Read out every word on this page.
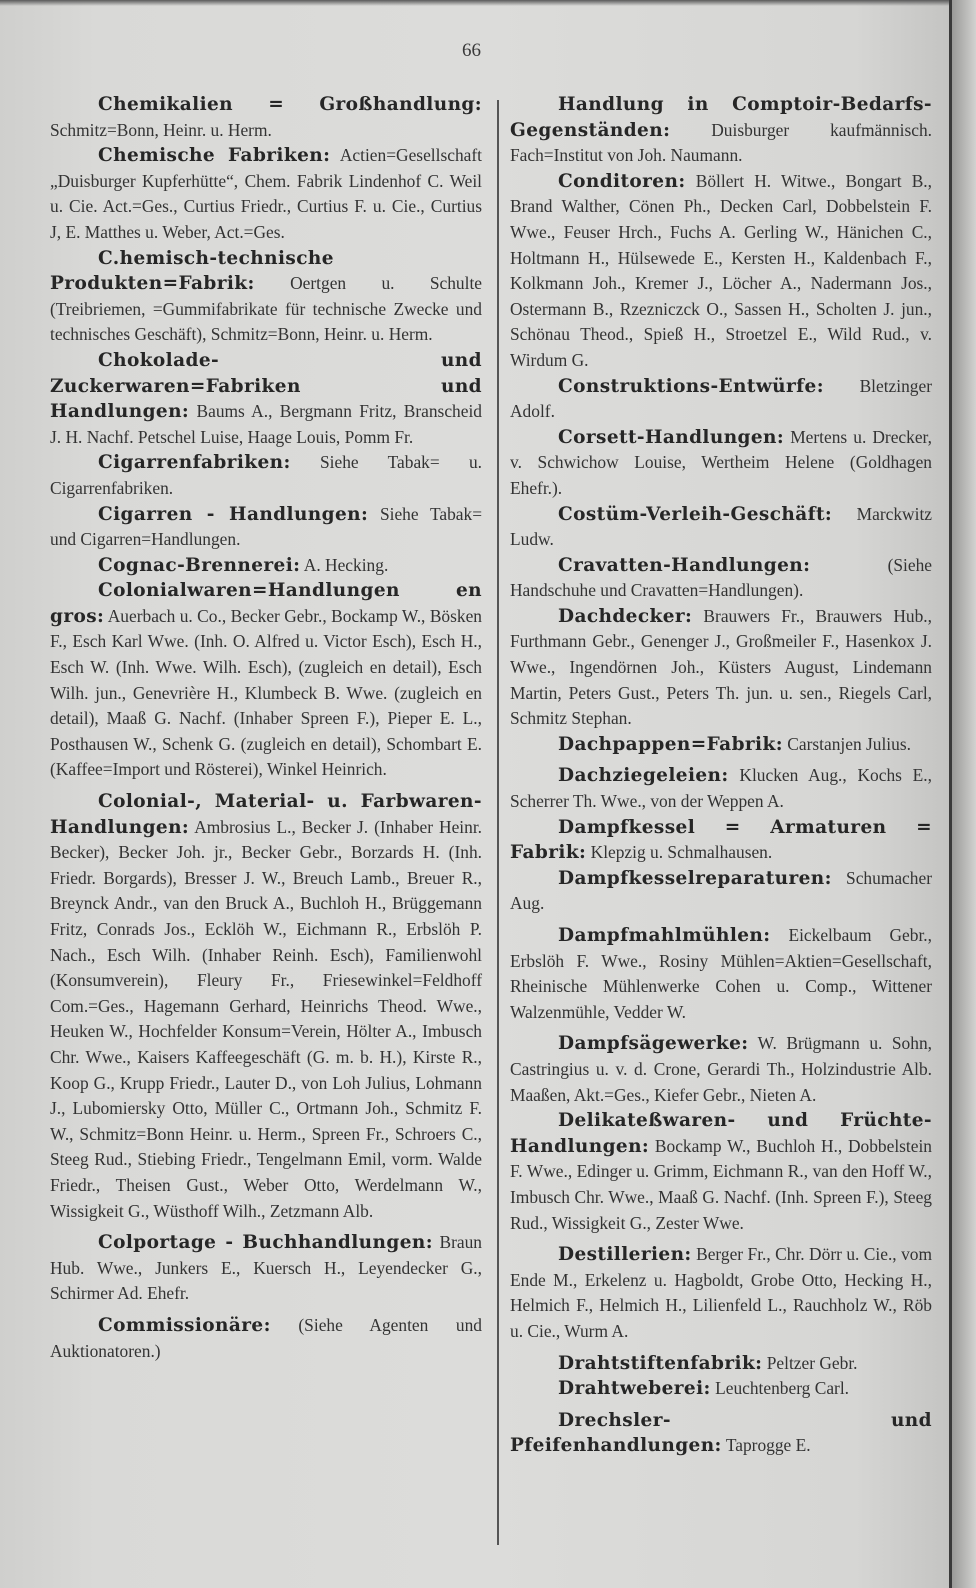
66

Chemikalien = Großhandlung: Schmitz=Bonn, Heinr. u. Herm.

Chemische Fabriken: Actien=Gesellschaft „Duisburger Kupferhütte“, Chem. Fabrik Lindenhof C. Weil u. Cie. Act.=Ges., Curtius Friedr., Curtius F. u. Cie., Curtius J, E. Matthes u. Weber, Act.=Ges.

C.hemisch-technische Produkten=Fabrik: Oertgen u. Schulte (Treibriemen, =Gummifabrikate für technische Zwecke und technisches Geschäft), Schmitz=Bonn, Heinr. u. Herm.

Chokolade- und Zuckerwaren=Fabriken und Handlungen: Baums A., Bergmann Fritz, Branscheid J. H. Nachf. Petschel Luise, Haage Louis, Pomm Fr.

Cigarrenfabriken: Siehe Tabak= u. Cigarrenfabriken.

Cigarren - Handlungen: Siehe Tabak= und Cigarren=Handlungen.

Cognac-Brennerei: A. Hecking.

Colonialwaren=Handlungen en gros: Auerbach u. Co., Becker Gebr., Bockamp W., Bösken F., Esch Karl Wwe. (Inh. O. Alfred u. Victor Esch), Esch H., Esch W. (Inh. Wwe. Wilh. Esch), (zugleich en detail), Esch Wilh. jun., Genevrière H., Klumbeck B. Wwe. (zugleich en detail), Maaß G. Nachf. (Inhaber Spreen F.), Pieper E. L., Posthausen W., Schenk G. (zugleich en detail), Schombart E. (Kaffee=Import und Rösterei), Winkel Heinrich.

Colonial-, Material- u. Farbwaren-Handlungen: Ambrosius L., Becker J. (Inhaber Heinr. Becker), Becker Joh. jr., Becker Gebr., Borzards H. (Inh. Friedr. Borgards), Bresser J. W., Breuch Lamb., Breuer R., Breynck Andr., van den Bruck A., Buchloh H., Brüggemann Fritz, Conrads Jos., Ecklöh W., Eichmann R., Erbslöh P. Nach., Esch Wilh. (Inhaber Reinh. Esch), Familienwohl (Konsumverein), Fleury Fr., Friesewinkel=Feldhoff Com.=Ges., Hagemann Gerhard, Heinrichs Theod. Wwe., Heuken W., Hochfelder Konsum=Verein, Hölter A., Imbusch Chr. Wwe., Kaisers Kaffeegeschäft (G. m. b. H.), Kirste R., Koop G., Krupp Friedr., Lauter D., von Loh Julius, Lohmann J., Lubomiersky Otto, Müller C., Ortmann Joh., Schmitz F. W., Schmitz=Bonn Heinr. u. Herm., Spreen Fr., Schroers C., Steeg Rud., Stiebing Friedr., Tengelmann Emil, vorm. Walde Friedr., Theisen Gust., Weber Otto, Werdelmann W., Wissigkeit G., Wüsthoff Wilh., Zetzmann Alb.

Colportage - Buchhandlungen: Braun Hub. Wwe., Junkers E., Kuersch H., Leyendecker G., Schirmer Ad. Ehefr.

Commissionäre: (Siehe Agenten und Auktionatoren.)

Handlung in Comptoir-Bedarfs-Gegenständen: Duisburger kaufmännisch. Fach=Institut von Joh. Naumann.

Conditoren: Böllert H. Witwe., Bongart B., Brand Walther, Cönen Ph., Decken Carl, Dobbelstein F. Wwe., Feuser Hrch., Fuchs A. Gerling W., Hänichen C., Holtmann H., Hülsewede E., Kersten H., Kaldenbach F., Kolkmann Joh., Kremer J., Löcher A., Nadermann Jos., Ostermann B., Rzezniczck O., Sassen H., Scholten J. jun., Schönau Theod., Spieß H., Stroetzel E., Wild Rud., v. Wirdum G.

Construktions-Entwürfe: Bletzinger Adolf.

Corsett-Handlungen: Mertens u. Drecker, v. Schwichow Louise, Wertheim Helene (Goldhagen Ehefr.).

Costüm-Verleih-Geschäft: Marckwitz Ludw.

Cravatten-Handlungen: (Siehe Handschuhe und Cravatten=Handlungen).

Dachdecker: Brauwers Fr., Brauwers Hub., Furthmann Gebr., Genenger J., Großmeiler F., Hasenkox J. Wwe., Ingendörnen Joh., Küsters August, Lindemann Martin, Peters Gust., Peters Th. jun. u. sen., Riegels Carl, Schmitz Stephan.

Dachpappen=Fabrik: Carstanjen Julius.

Dachziegeleien: Klucken Aug., Kochs E., Scherrer Th. Wwe., von der Weppen A.

Dampfkessel = Armaturen = Fabrik: Klepzig u. Schmalhausen.

Dampfkesselreparaturen: Schumacher Aug.

Dampfmahlmühlen: Eickelbaum Gebr., Erbslöh F. Wwe., Rosiny Mühlen=Aktien=Gesellschaft, Rheinische Mühlenwerke Cohen u. Comp., Wittener Walzenmühle, Vedder W.

Dampfsägewerke: W. Brügmann u. Sohn, Castringius u. v. d. Crone, Gerardi Th., Holzindustrie Alb. Maaßen, Akt.=Ges., Kiefer Gebr., Nieten A.

Delikateßwaren- und Früchte-Handlungen: Bockamp W., Buchloh H., Dobbelstein F. Wwe., Edinger u. Grimm, Eichmann R., van den Hoff W., Imbusch Chr. Wwe., Maaß G. Nachf. (Inh. Spreen F.), Steeg Rud., Wissigkeit G., Zester Wwe.

Destillerien: Berger Fr., Chr. Dörr u. Cie., vom Ende M., Erkelenz u. Hagboldt, Grobe Otto, Hecking H., Helmich F., Helmich H., Lilienfeld L., Rauchholz W., Röb u. Cie., Wurm A.

Drahtstiftenfabrik: Peltzer Gebr.

Drahtweberei: Leuchtenberg Carl.

Drechsler- und Pfeifenhandlungen: Taprogge E.
